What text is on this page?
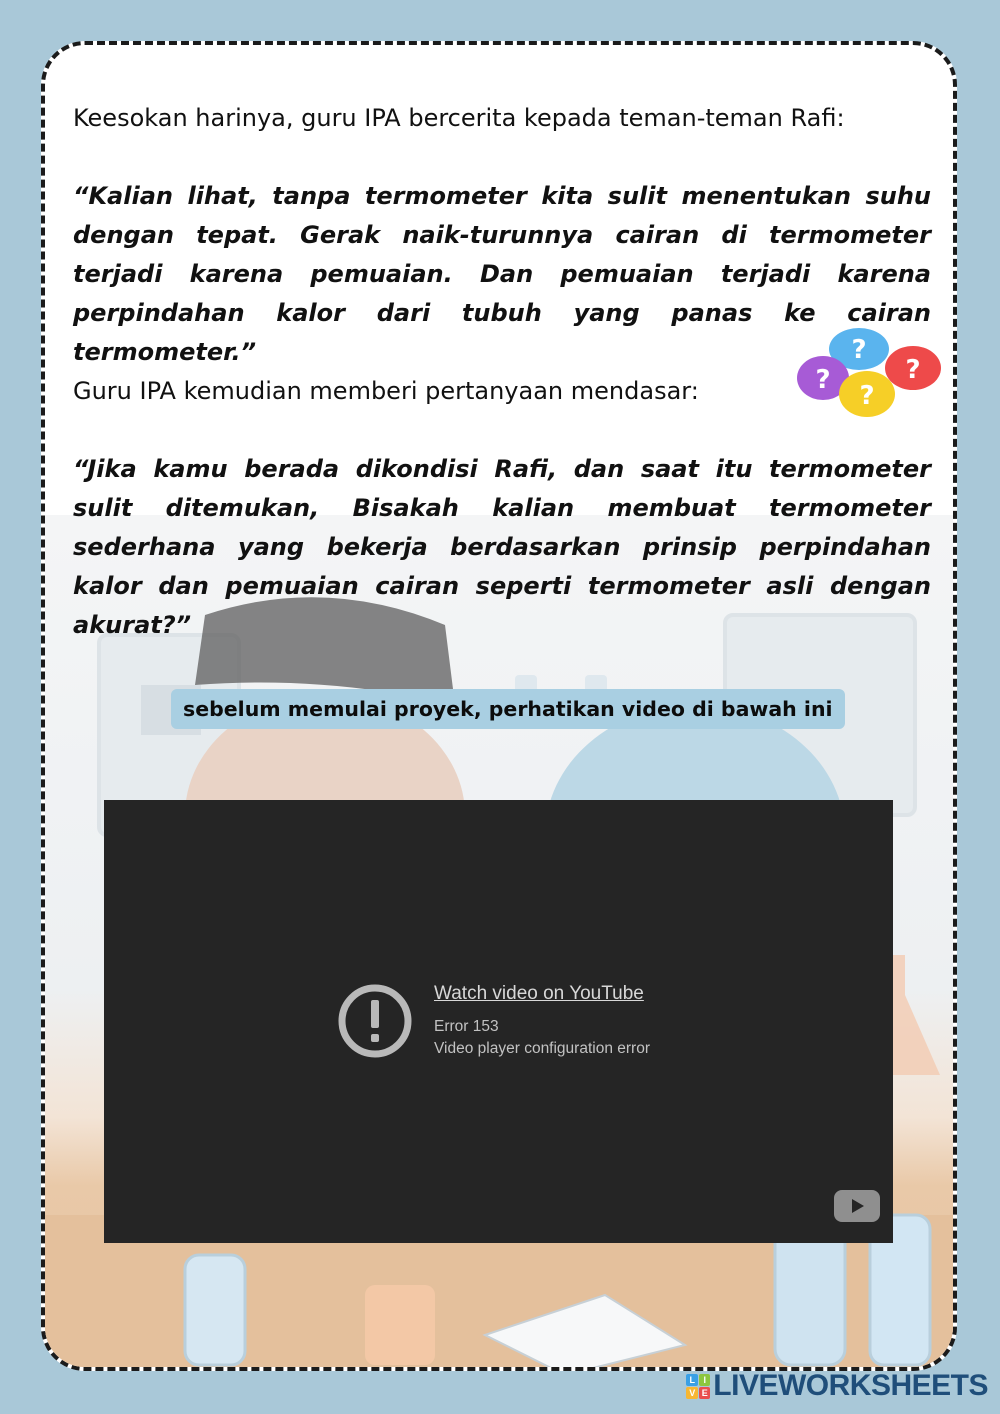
Keesokan harinya, guru IPA bercerita kepada teman-teman Rafi:

“Kalian lihat, tanpa termometer kita sulit menentukan suhu dengan tepat. Gerak naik-turunnya cairan di termometer terjadi karena pemuaian. Dan pemuaian terjadi karena perpindahan kalor dari tubuh yang panas ke cairan termometer.”

Guru IPA kemudian memberi pertanyaan mendasar:

“Jika kamu berada dikondisi Rafi, dan saat itu termometer sulit ditemukan, Bisakah kalian membuat termometer sederhana yang bekerja berdasarkan prinsip perpindahan kalor dan pemuaian cairan seperti termometer asli dengan akurat?”

?
?
?
?
sebelum memulai proyek, perhatikan video di bawah ini
Watch video on YouTube
Error 153
Video player configuration error
L I
V E LIVEWORKSHEETS
